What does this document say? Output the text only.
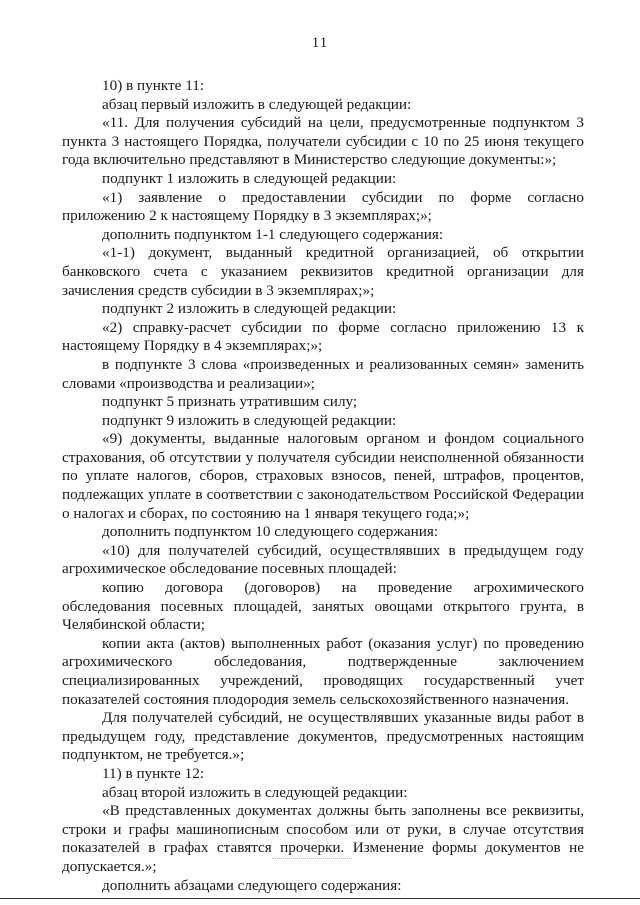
11

10) в пункте 11:

абзац первый изложить в следующей редакции:

«11. Для получения субсидий на цели, предусмотренные подпунктом 3 пункта 3 настоящего Порядка, получатели субсидии с 10 по 25 июня текущего года включительно представляют в Министерство следующие документы:»;

подпункт 1 изложить в следующей редакции:

«1) заявление о предоставлении субсидии по форме согласно приложению 2 к настоящему Порядку в 3 экземплярах;»;

дополнить подпунктом 1-1 следующего содержания:

«1-1) документ, выданный кредитной организацией, об открытии банковского счета с указанием реквизитов кредитной организации для зачисления средств субсидии в 3 экземплярах;»;

подпункт 2 изложить в следующей редакции:

«2) справку-расчет субсидии по форме согласно приложению 13 к настоящему Порядку в 4 экземплярах;»;

в подпункте 3 слова «произведенных и реализованных семян» заменить словами «производства и реализации»;

подпункт 5 признать утратившим силу;

подпункт 9 изложить в следующей редакции:

«9) документы, выданные налоговым органом и фондом социального страхования, об отсутствии у получателя субсидии неисполненной обязанности по уплате налогов, сборов, страховых взносов, пеней, штрафов, процентов, подлежащих уплате в соответствии с законодательством Российской Федерации о налогах и сборах, по состоянию на 1 января текущего года;»;

дополнить подпунктом 10 следующего содержания:

«10) для получателей субсидий, осуществлявших в предыдущем году агрохимическое обследование посевных площадей:

копию договора (договоров) на проведение агрохимического обследования посевных площадей, занятых овощами открытого грунта, в Челябинской области;

копии акта (актов) выполненных работ (оказания услуг) по проведению агрохимического обследования, подтвержденные заключением специализированных учреждений, проводящих государственный учет показателей состояния плодородия земель сельскохозяйственного назначения.

Для получателей субсидий, не осуществлявших указанные виды работ в предыдущем году, представление документов, предусмотренных настоящим подпунктом, не требуется.»;

11) в пункте 12:

абзац второй изложить в следующей редакции:

«В представленных документах должны быть заполнены все реквизиты, строки и графы машинописным способом или от руки, в случае отсутствия показателей в графах ставятся прочерки. Изменение формы документов не допускается.»;

дополнить абзацами следующего содержания:
